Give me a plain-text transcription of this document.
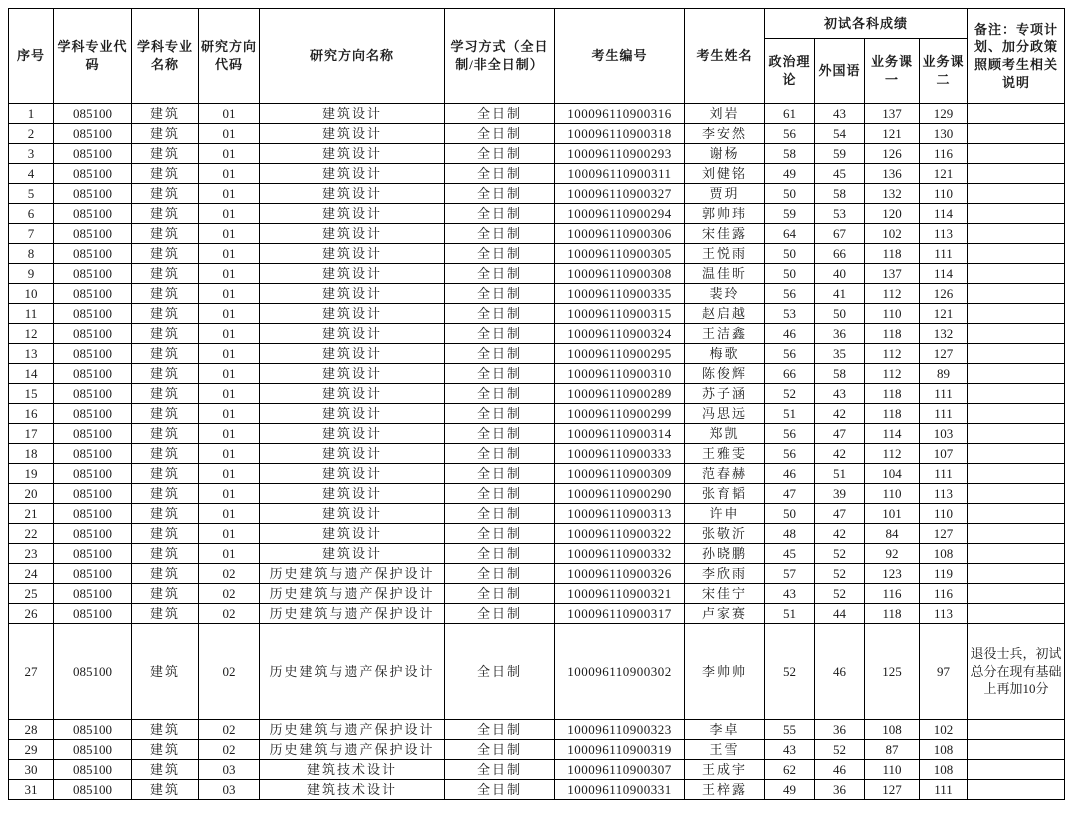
序号	学科专业代码	学科专业名称	研究方向代码	研究方向名称	学习方式（全日制/非全日制）	考生编号	考生姓名	初试各科成绩				备注：专项计划、加分政策照顾考生相关说明
								政治理论	外国语	业务课一	业务课二	
1	085100	建筑	01	建筑设计	全日制	100096110900316	刘岩	61	43	137	129	
2	085100	建筑	01	建筑设计	全日制	100096110900318	李安然	56	54	121	130	
3	085100	建筑	01	建筑设计	全日制	100096110900293	谢杨	58	59	126	116	
4	085100	建筑	01	建筑设计	全日制	100096110900311	刘健铭	49	45	136	121	
5	085100	建筑	01	建筑设计	全日制	100096110900327	贾玥	50	58	132	110	
6	085100	建筑	01	建筑设计	全日制	100096110900294	郭帅玮	59	53	120	114	
7	085100	建筑	01	建筑设计	全日制	100096110900306	宋佳露	64	67	102	113	
8	085100	建筑	01	建筑设计	全日制	100096110900305	王悦雨	50	66	118	111	
9	085100	建筑	01	建筑设计	全日制	100096110900308	温佳昕	50	40	137	114	
10	085100	建筑	01	建筑设计	全日制	100096110900335	裴玲	56	41	112	126	
11	085100	建筑	01	建筑设计	全日制	100096110900315	赵启越	53	50	110	121	
12	085100	建筑	01	建筑设计	全日制	100096110900324	王洁鑫	46	36	118	132	
13	085100	建筑	01	建筑设计	全日制	100096110900295	梅歌	56	35	112	127	
14	085100	建筑	01	建筑设计	全日制	100096110900310	陈俊辉	66	58	112	89	
15	085100	建筑	01	建筑设计	全日制	100096110900289	苏子涵	52	43	118	111	
16	085100	建筑	01	建筑设计	全日制	100096110900299	冯思远	51	42	118	111	
17	085100	建筑	01	建筑设计	全日制	100096110900314	郑凯	56	47	114	103	
18	085100	建筑	01	建筑设计	全日制	100096110900333	王雅雯	56	42	112	107	
19	085100	建筑	01	建筑设计	全日制	100096110900309	范春赫	46	51	104	111	
20	085100	建筑	01	建筑设计	全日制	100096110900290	张育韬	47	39	110	113	
21	085100	建筑	01	建筑设计	全日制	100096110900313	许申	50	47	101	110	
22	085100	建筑	01	建筑设计	全日制	100096110900322	张敬沂	48	42	84	127	
23	085100	建筑	01	建筑设计	全日制	100096110900332	孙晓鹏	45	52	92	108	
24	085100	建筑	02	历史建筑与遗产保护设计	全日制	100096110900326	李欣雨	57	52	123	119	
25	085100	建筑	02	历史建筑与遗产保护设计	全日制	100096110900321	宋佳宁	43	52	116	116	
26	085100	建筑	02	历史建筑与遗产保护设计	全日制	100096110900317	卢家赛	51	44	118	113	
27	085100	建筑	02	历史建筑与遗产保护设计	全日制	100096110900302	李帅帅	52	46	125	97	退役士兵，初试总分在现有基础上再加10分
28	085100	建筑	02	历史建筑与遗产保护设计	全日制	100096110900323	李卓	55	36	108	102	
29	085100	建筑	02	历史建筑与遗产保护设计	全日制	100096110900319	王雪	43	52	87	108	
30	085100	建筑	03	建筑技术设计	全日制	100096110900307	王成宇	62	46	110	108	
31	085100	建筑	03	建筑技术设计	全日制	100096110900331	王梓露	49	36	127	111	
